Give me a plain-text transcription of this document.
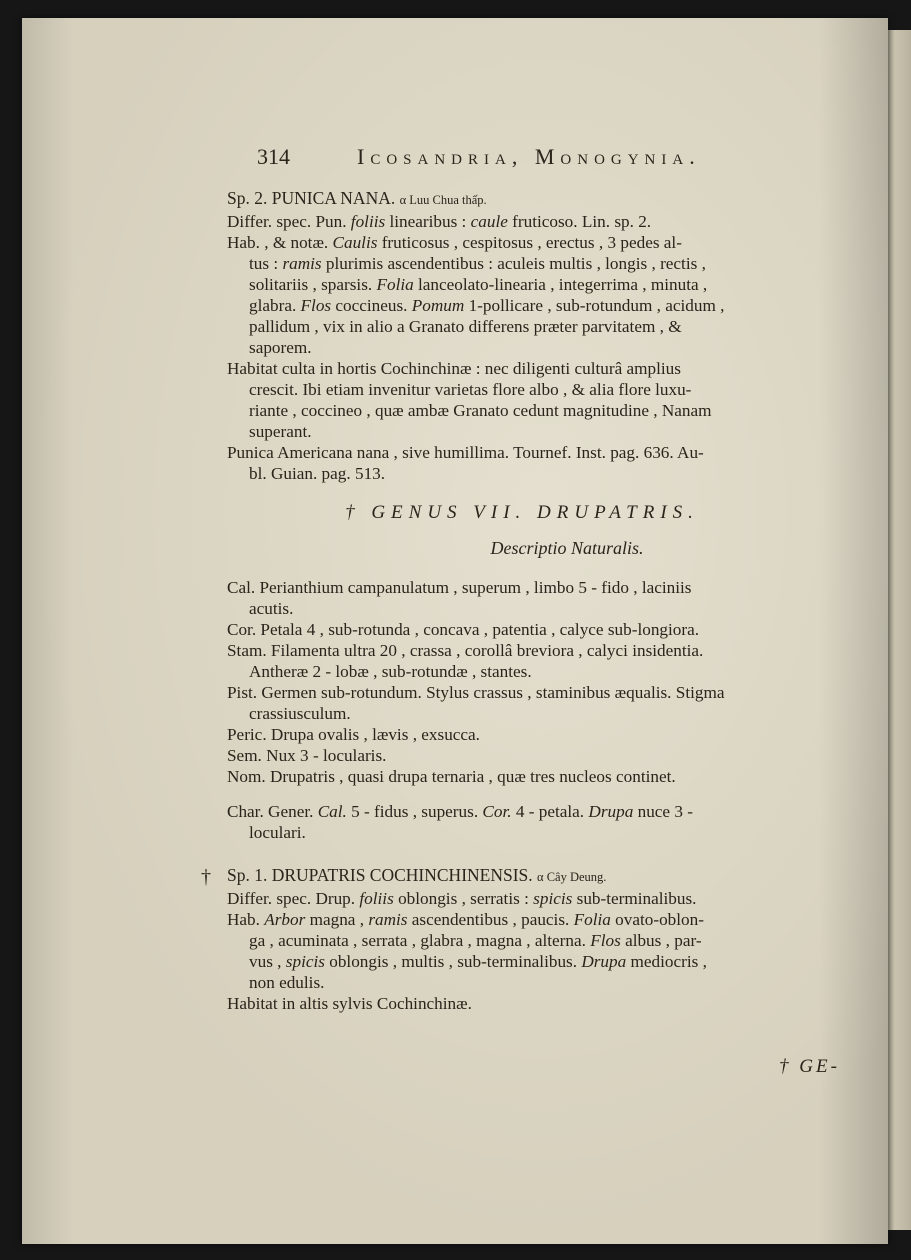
314	Icosandria, Monogynia.
Sp. 2. PUNICA NANA. α Luu Chua thấp.
Differ. spec. Pun. foliis linearibus : caule fruticoso. Lin. sp. 2.
Hab. , & notæ. Caulis fruticosus , cespitosus , erectus , 3 pedes al-
tus : ramis plurimis ascendentibus : aculeis multis , longis , rectis ,
solitariis , sparsis. Folia lanceolato-linearia , integerrima , minuta ,
glabra. Flos coccineus. Pomum 1-pollicare , sub-rotundum , acidum ,
pallidum , vix in alio a Granato differens præter parvitatem , &
saporem.
Habitat culta in hortis Cochinchinæ : nec diligenti culturâ amplius
crescit. Ibi etiam invenitur varietas flore albo , & alia flore luxu-
riante , coccineo , quæ ambæ Granato cedunt magnitudine , Nanam
superant.
Punica Americana nana , sive humillima. Tournef. Inst. pag. 636. Au-
bl. Guian. pag. 513.
† GENUS VII. DRUPATRIS.
Descriptio Naturalis.
Cal. Perianthium campanulatum , superum , limbo 5 - fido , laciniis
acutis.
Cor. Petala 4 , sub-rotunda , concava , patentia , calyce sub-longiora.
Stam. Filamenta ultra 20 , crassa , corollâ breviora , calyci insidentia.
Antheræ 2 - lobæ , sub-rotundæ , stantes.
Pist. Germen sub-rotundum. Stylus crassus , staminibus æqualis. Stigma
crassiusculum.
Peric. Drupa ovalis , lævis , exsucca.
Sem. Nux 3 - locularis.
Nom. Drupatris , quasi drupa ternaria , quæ tres nucleos continet.
Char. Gener. Cal. 5 - fidus , superus. Cor. 4 - petala. Drupa nuce 3 -
loculari.
† Sp. 1. DRUPATRIS COCHINCHINENSIS. α Cây Deung.
Differ. spec. Drup. foliis oblongis , serratis : spicis sub-terminalibus.
Hab. Arbor magna , ramis ascendentibus , paucis. Folia ovato-oblon-
ga , acuminata , serrata , glabra , magna , alterna. Flos albus , par-
vus , spicis oblongis , multis , sub-terminalibus. Drupa mediocris ,
non edulis.
Habitat in altis sylvis Cochinchinæ.
† GE-
